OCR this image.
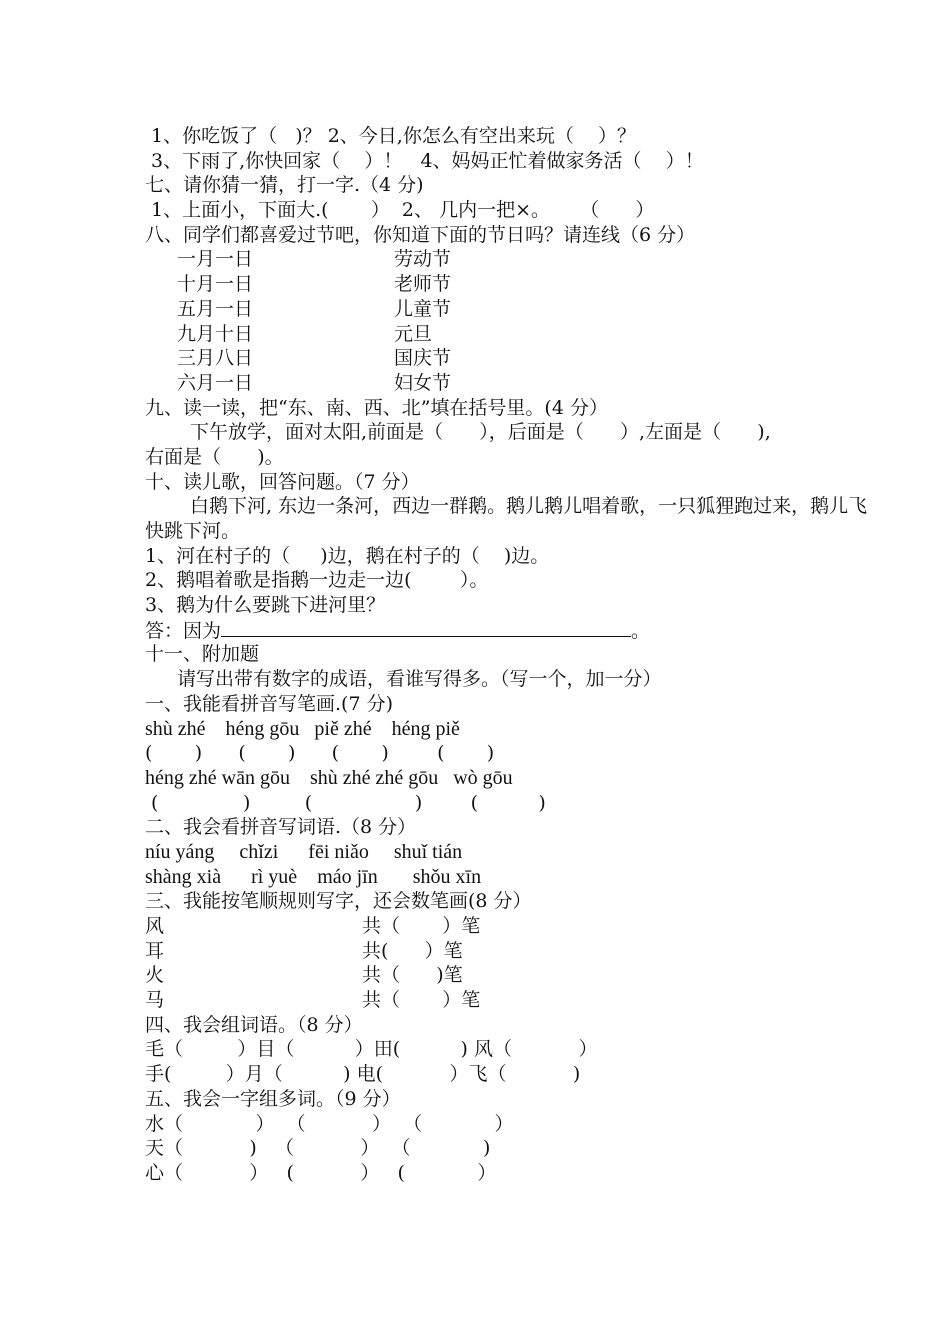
1、你吃饭了（   )？ 2、今日,你怎么有空出来玩（    ）？
3、下雨了,你快回家（    ）！   4、妈妈正忙着做家务活（    ）！
七、请你猜一猜，打一字.（4 分)
1、上面小，下面大.(       ）  2、 几内一把×。     （      ）
八、同学们都喜爱过节吧，你知道下面的节日吗？请连线（6 分）
一月一日	劳动节
十月一日	老师节
五月一日	儿童节
九月十日	元旦
三月八日	国庆节
六月一日	妇女节
九、读一读，把“东、南、西、北”填在括号里。(4 分）
下午放学，面对太阳,前面是（      ），后面是（      ）,左面是（      ),
右面是（      )。
十、读儿歌，回答问题。（7 分）
白鹅下河, 东边一条河，西边一群鹅。鹅儿鹅儿唱着歌，一只狐狸跑过来，鹅儿飞快跳下河。
1、河在村子的（     )边，鹅在村子的（    )边。
2、鹅唱着歌是指鹅一边走一边(        ）。
3、鹅为什么要跳下进河里？
答：因为	。
十一、附加题
请写出带有数字的成语，看谁写得多。（写一个，加一分）
一、我能看拼音写笔画.(7 分)
shù zhé    héng gōu   piě zhé    héng piě
(       )      (       )      (       )        (       )
héng zhé wān gōu    shù zhé zhé gōu   wò gōu
(              )         (                 )        (          )
二、我会看拼音写词语.（8 分）
níu yáng     chǐzi      fēi niǎo     shuǐ tián
shàng xià      rì yuè    máo jīn       shǒu xīn
三、我能按笔顺规则写字，还会数笔画(8 分）
风	共（       ）笔
耳	共(      ）笔
火	共（      )笔
马	共（       ）笔
四、我会组词语。（8 分）
毛（         ）目（          ）田(          ) 风（           ）
手(         ）月（          ) 电(           ）飞（           )
五、我会一字组多词。（9 分）
水（            ）  （           ）  （            ）
天（           )   （           ）  （            )
心（           ）   (           ）   (            ）
